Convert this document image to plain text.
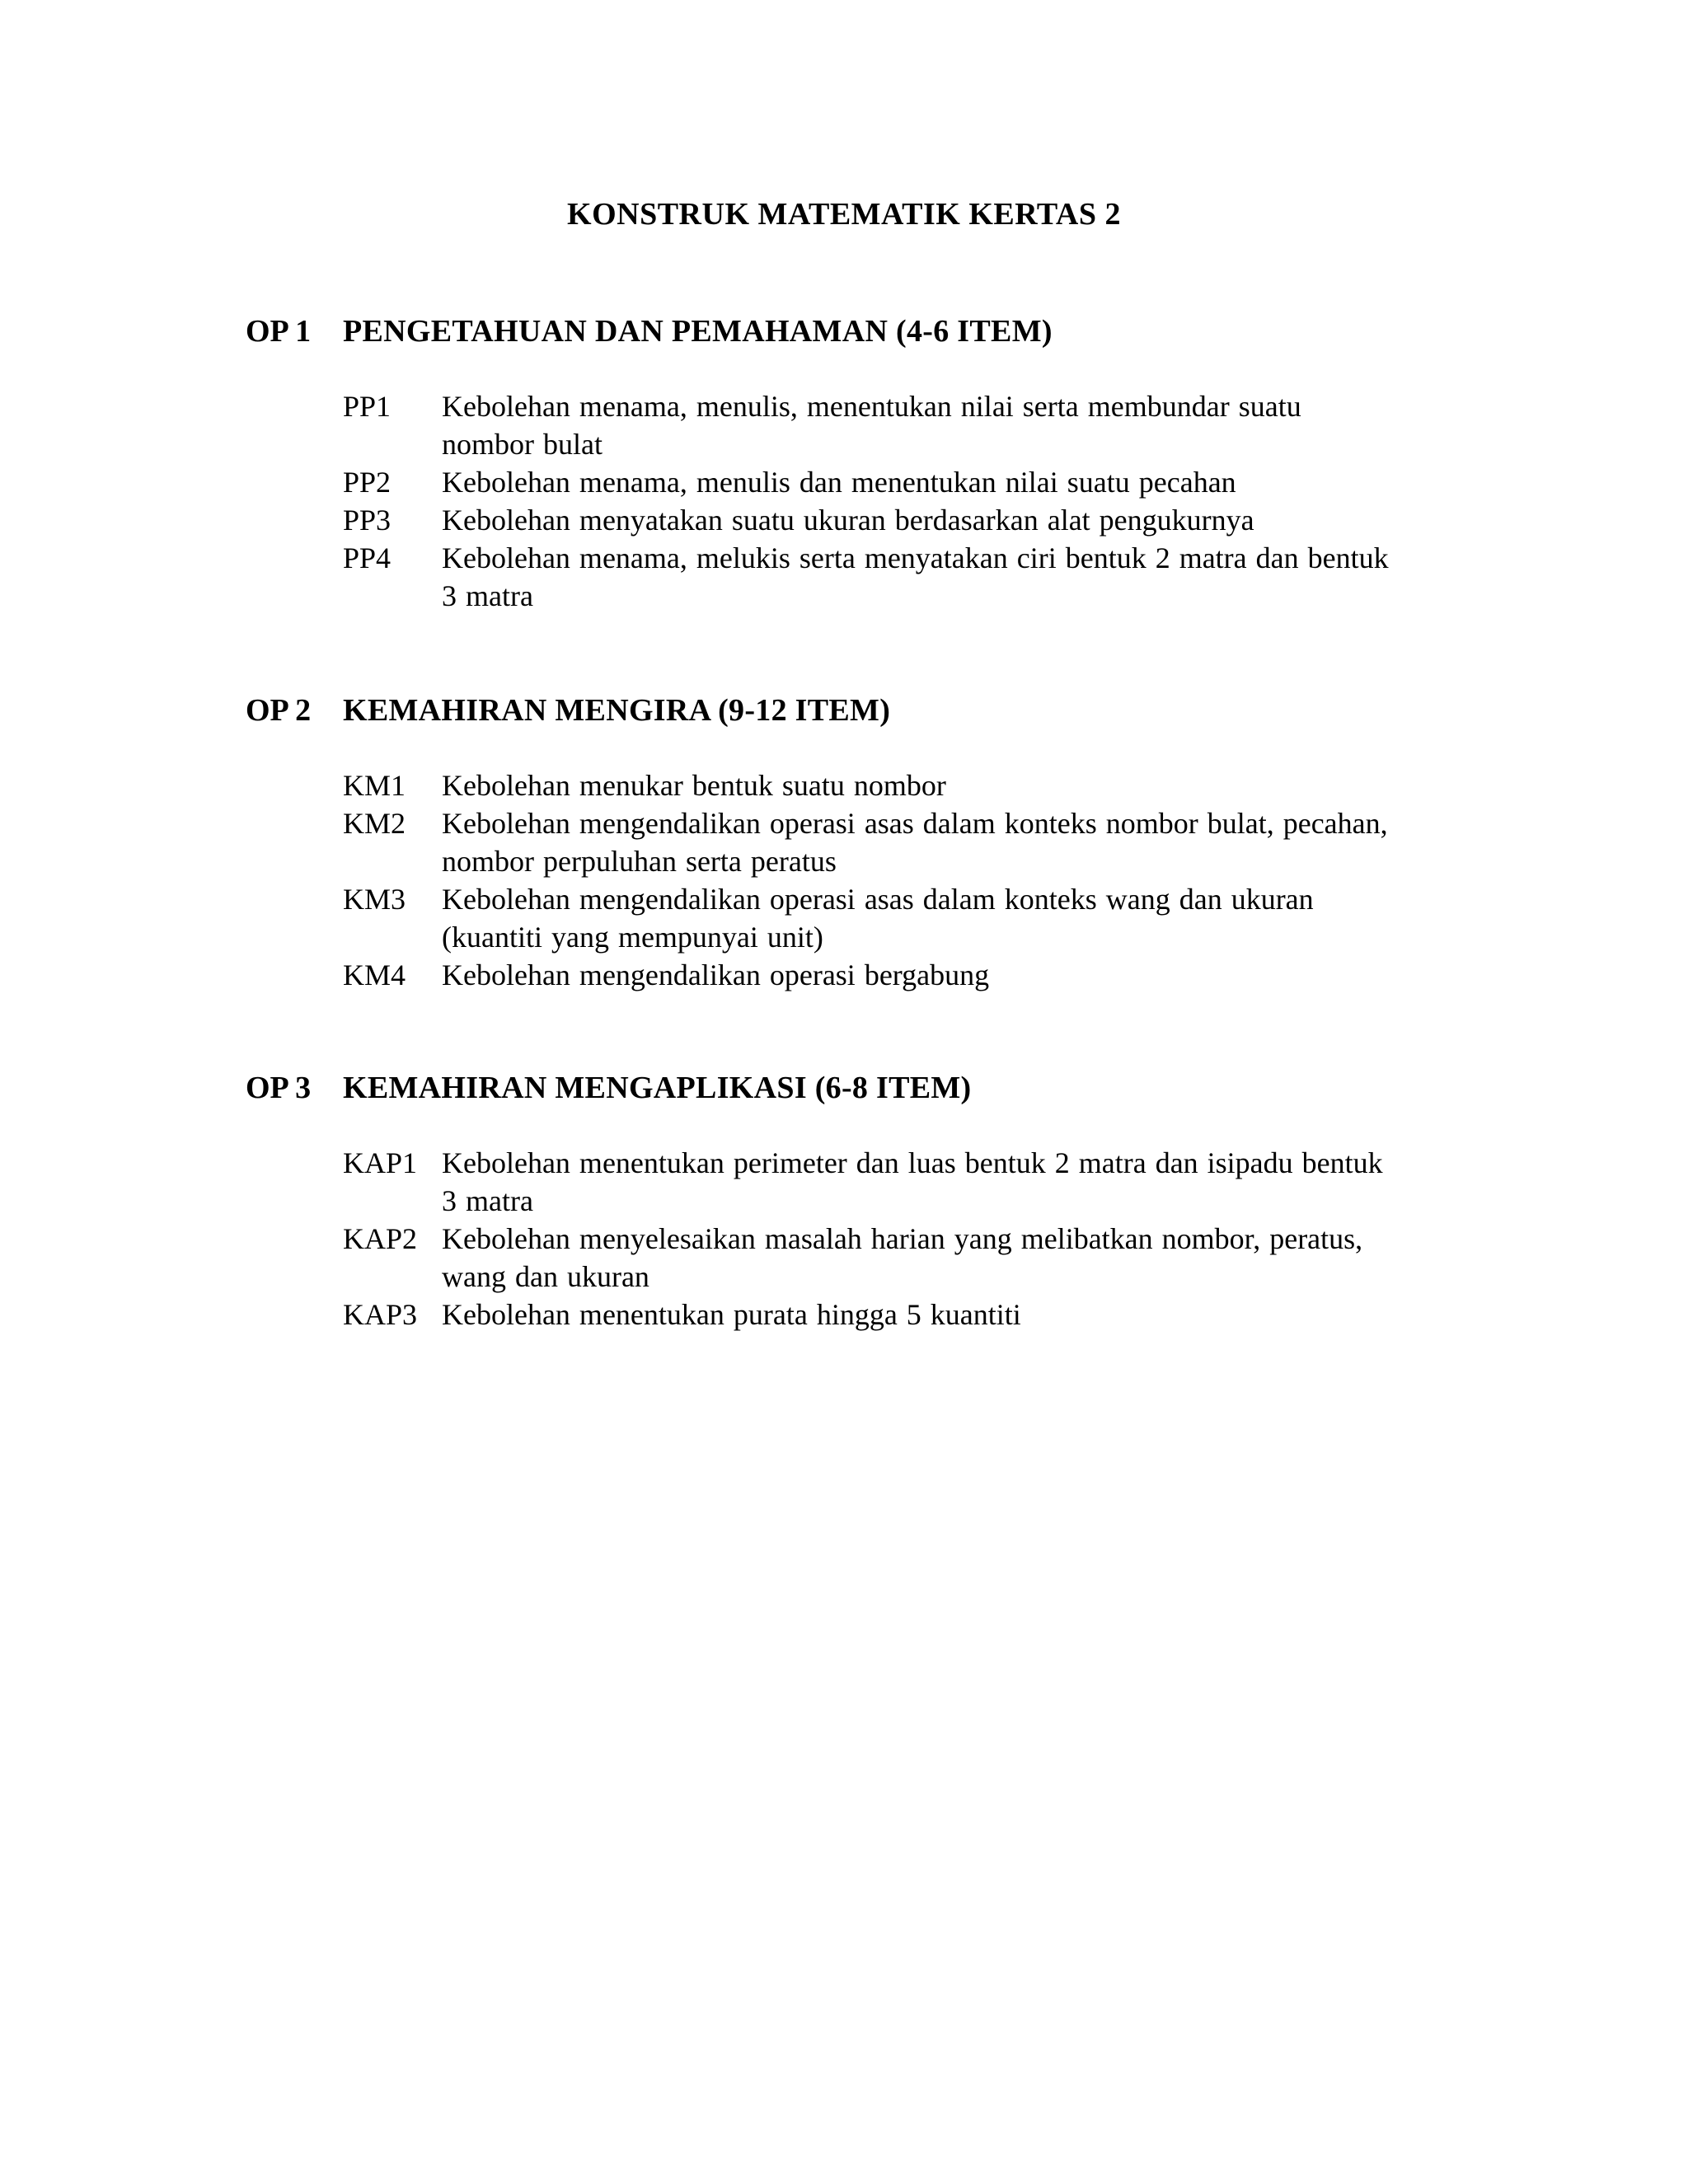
KONSTRUK MATEMATIK KERTAS 2
OP 1 PENGETAHUAN DAN PEMAHAMAN (4-6 ITEM)
PP1 Kebolehan menama, menulis, menentukan nilai serta membundar suatu nombor bulat
PP2 Kebolehan menama, menulis dan menentukan nilai suatu pecahan
PP3 Kebolehan menyatakan suatu ukuran berdasarkan alat pengukurnya
PP4 Kebolehan menama, melukis serta menyatakan ciri bentuk 2 matra dan bentuk 3 matra
OP 2 KEMAHIRAN MENGIRA (9-12 ITEM)
KM1 Kebolehan menukar bentuk suatu nombor
KM2 Kebolehan mengendalikan operasi asas dalam konteks nombor bulat, pecahan, nombor perpuluhan serta peratus
KM3 Kebolehan mengendalikan operasi asas dalam konteks wang dan ukuran (kuantiti yang mempunyai unit)
KM4 Kebolehan mengendalikan operasi bergabung
OP 3 KEMAHIRAN MENGAPLIKASI (6-8 ITEM)
KAP1 Kebolehan menentukan perimeter dan luas bentuk 2 matra dan isipadu bentuk 3 matra
KAP2 Kebolehan menyelesaikan masalah harian yang melibatkan nombor, peratus, wang dan ukuran
KAP3 Kebolehan menentukan purata hingga 5 kuantiti
